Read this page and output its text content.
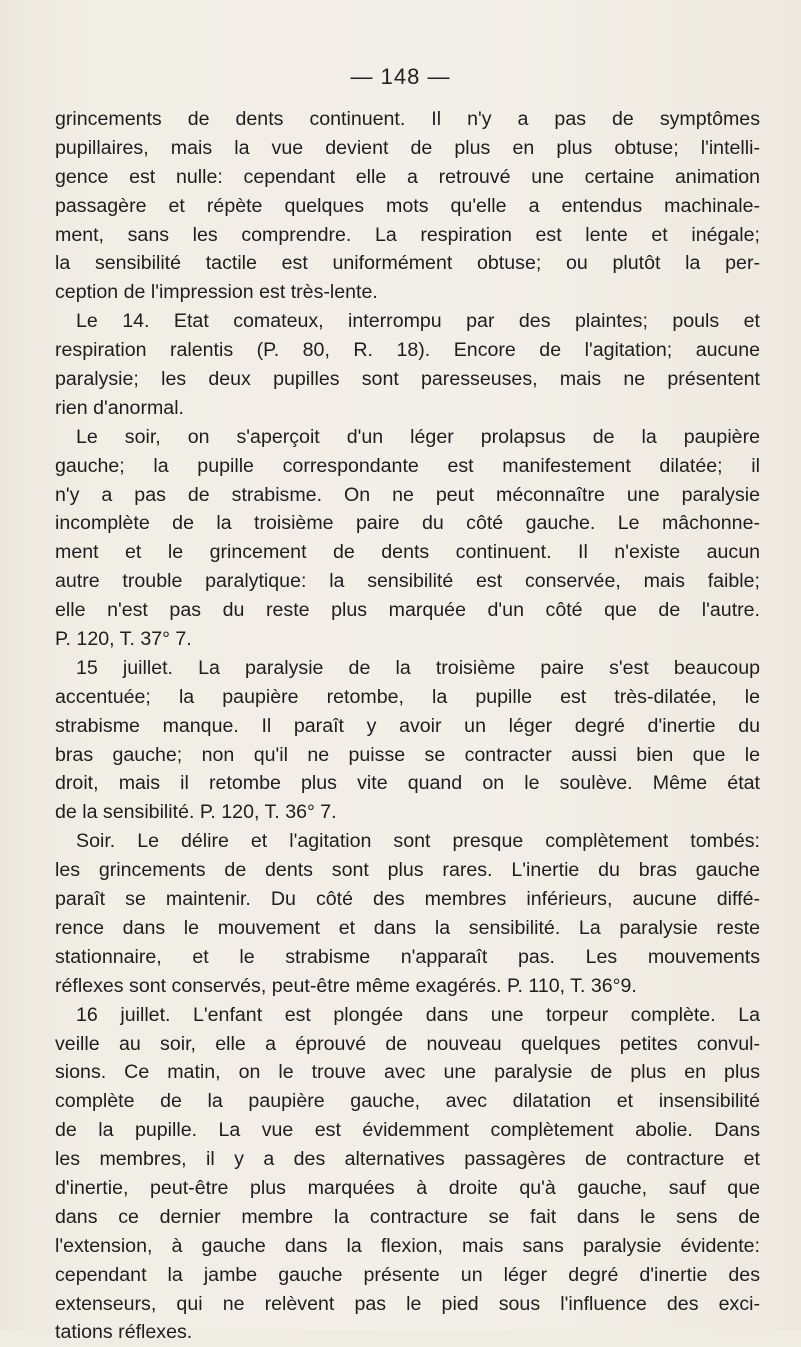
— 148 —
grincements de dents continuent. Il n'y a pas de symptômes
pupillaires, mais la vue devient de plus en plus obtuse; l'intelli-
gence est nulle: cependant elle a retrouvé une certaine animation
passagère et répète quelques mots qu'elle a entendus machinale-
ment, sans les comprendre. La respiration est lente et inégale;
la sensibilité tactile est uniformément obtuse; ou plutôt la per-
ception de l'impression est très-lente.
Le 14. Etat comateux, interrompu par des plaintes; pouls et
respiration ralentis (P. 80, R. 18). Encore de l'agitation; aucune
paralysie; les deux pupilles sont paresseuses, mais ne présentent
rien d'anormal.
Le soir, on s'aperçoit d'un léger prolapsus de la paupière
gauche; la pupille correspondante est manifestement dilatée; il
n'y a pas de strabisme. On ne peut méconnaître une paralysie
incomplète de la troisième paire du côté gauche. Le mâchonne-
ment et le grincement de dents continuent. Il n'existe aucun
autre trouble paralytique: la sensibilité est conservée, mais faible;
elle n'est pas du reste plus marquée d'un côté que de l'autre.
P. 120, T. 37° 7.
15 juillet. La paralysie de la troisième paire s'est beaucoup
accentuée; la paupière retombe, la pupille est très-dilatée, le
strabisme manque. Il paraît y avoir un léger degré d'inertie du
bras gauche; non qu'il ne puisse se contracter aussi bien que le
droit, mais il retombe plus vite quand on le soulève. Même état
de la sensibilité. P. 120, T. 36° 7.
Soir. Le délire et l'agitation sont presque complètement tombés:
les grincements de dents sont plus rares. L'inertie du bras gauche
paraît se maintenir. Du côté des membres inférieurs, aucune diffé-
rence dans le mouvement et dans la sensibilité. La paralysie reste
stationnaire, et le strabisme n'apparaît pas. Les mouvements
réflexes sont conservés, peut-être même exagérés. P. 110, T. 36°9.
16 juillet. L'enfant est plongée dans une torpeur complète. La
veille au soir, elle a éprouvé de nouveau quelques petites convul-
sions. Ce matin, on le trouve avec une paralysie de plus en plus
complète de la paupière gauche, avec dilatation et insensibilité
de la pupille. La vue est évidemment complètement abolie. Dans
les membres, il y a des alternatives passagères de contracture et
d'inertie, peut-être plus marquées à droite qu'à gauche, sauf que
dans ce dernier membre la contracture se fait dans le sens de
l'extension, à gauche dans la flexion, mais sans paralysie évidente:
cependant la jambe gauche présente un léger degré d'inertie des
extenseurs, qui ne relèvent pas le pied sous l'influence des exci-
tations réflexes.
